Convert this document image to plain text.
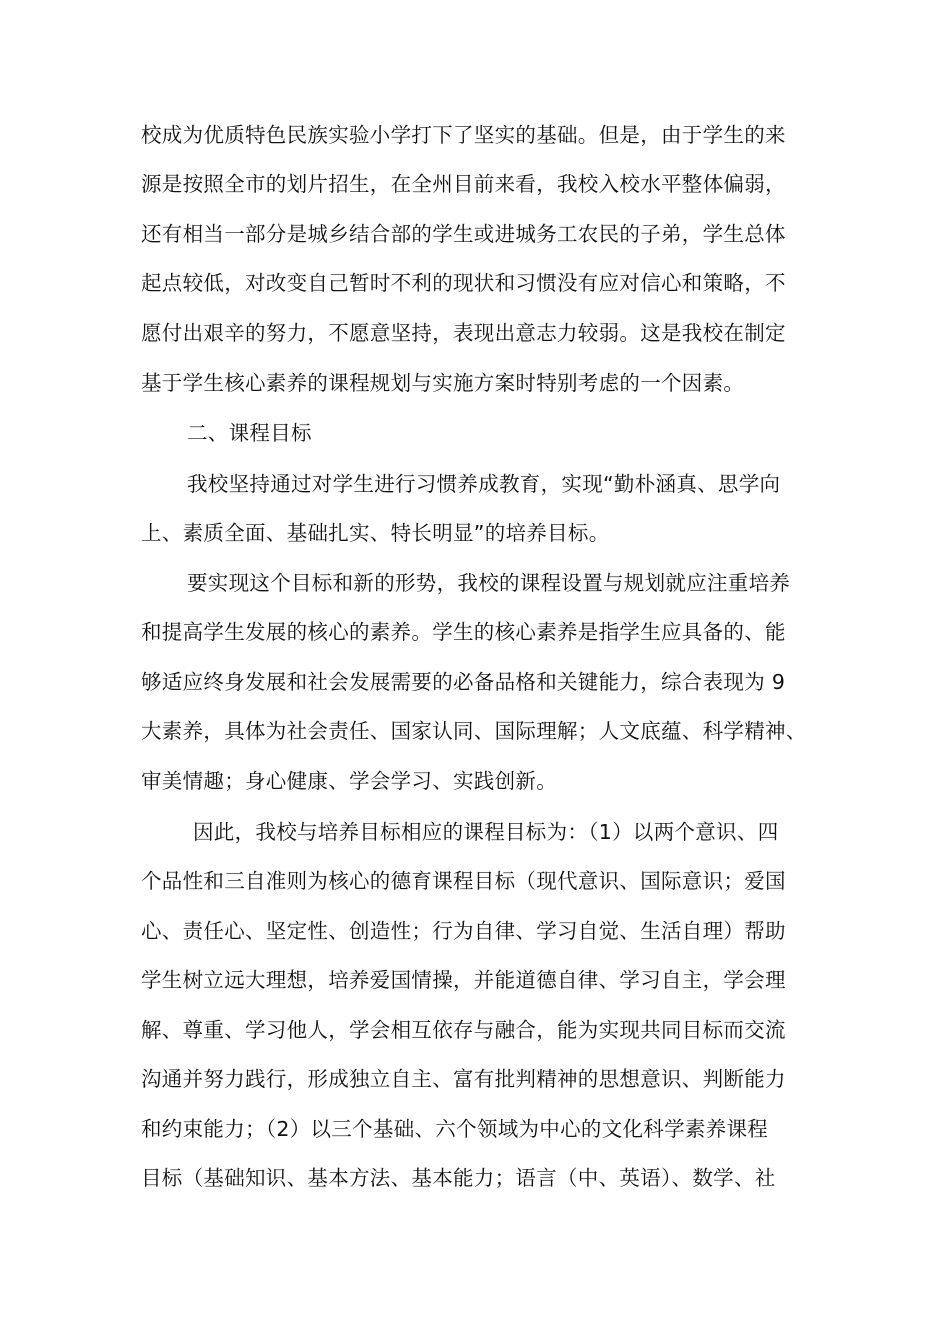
校成为优质特色民族实验小学打下了坚实的基础。但是，由于学生的来
源是按照全市的划片招生，在全州目前来看，我校入校水平整体偏弱，
还有相当一部分是城乡结合部的学生或进城务工农民的子弟，学生总体
起点较低，对改变自己暂时不利的现状和习惯没有应对信心和策略，不
愿付出艰辛的努力，不愿意坚持，表现出意志力较弱。这是我校在制定
基于学生核心素养的课程规划与实施方案时特别考虑的一个因素。
二、课程目标
我校坚持通过对学生进行习惯养成教育，实现“勤朴涵真、思学向
上、素质全面、基础扎实、特长明显”的培养目标。
要实现这个目标和新的形势，我校的课程设置与规划就应注重培养
和提高学生发展的核心的素养。学生的核心素养是指学生应具备的、能
够适应终身发展和社会发展需要的必备品格和关键能力，综合表现为 9
大素养，具体为社会责任、国家认同、国际理解；人文底蕴、科学精神、
审美情趣；身心健康、学会学习、实践创新。
因此，我校与培养目标相应的课程目标为：（1）以两个意识、四
个品性和三自准则为核心的德育课程目标（现代意识、国际意识；爱国
心、责任心、坚定性、创造性；行为自律、学习自觉、生活自理）帮助
学生树立远大理想，培养爱国情操，并能道德自律、学习自主，学会理
解、尊重、学习他人，学会相互依存与融合，能为实现共同目标而交流
沟通并努力践行，形成独立自主、富有批判精神的思想意识、判断能力
和约束能力；（2）以三个基础、六个领域为中心的文化科学素养课程
目标（基础知识、基本方法、基本能力；语言（中、英语）、数学、社
